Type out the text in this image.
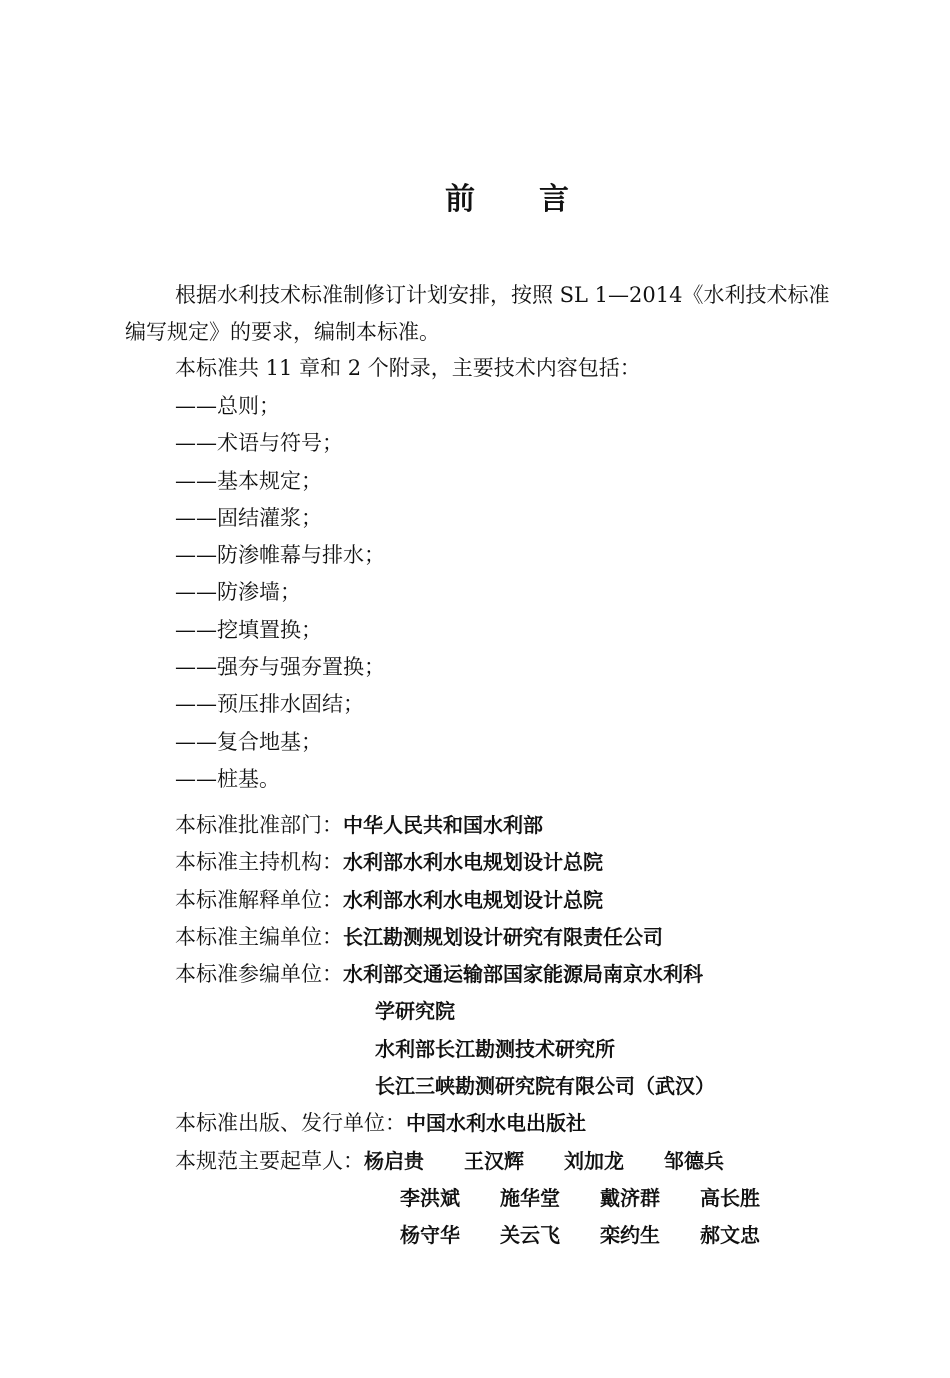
前言

根据水利技术标准制修订计划安排，按照 SL 1—2014《水利技术标准编写规定》的要求，编制本标准。

本标准共 11 章和 2 个附录，主要技术内容包括：

——总则；
——术语与符号；
——基本规定；
——固结灌浆；
——防渗帷幕与排水；
——防渗墙；
——挖填置换；
——强夯与强夯置换；
——预压排水固结；
——复合地基；
——桩基。
本标准批准部门： 中华人民共和国水利部
本标准主持机构： 水利部水利水电规划设计总院
本标准解释单位： 水利部水利水电规划设计总院
本标准主编单位： 长江勘测规划设计研究有限责任公司
本标准参编单位： 水利部交通运输部国家能源局南京水利科
学研究院
水利部长江勘测技术研究所
长江三峡勘测研究院有限公司（武汉）
本标准出版、发行单位： 中国水利水电出版社
本规范主要起草人： 杨启贵	王汉辉	刘加龙	邹德兵
李洪斌	施华堂	戴济群	高长胜
杨守华	关云飞	栾约生	郝文忠
